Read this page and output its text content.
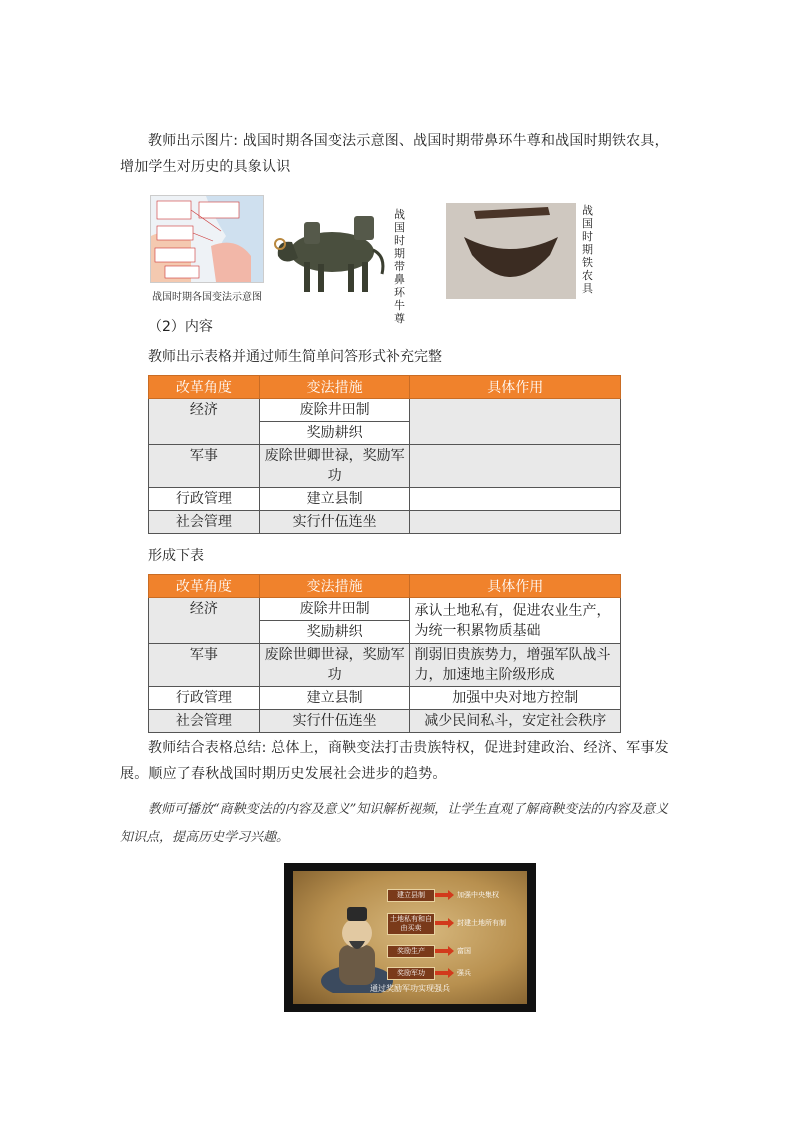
教师出示图片: 战国时期各国变法示意图、战国时期带鼻环牛尊和战国时期铁农具，增加学生对历史的具象认识
战国时期各国变法示意图
战国时期带鼻环牛尊
战国时期铁农具
（2）内容
教师出示表格并通过师生简单问答形式补充完整
改革角度	变法措施	具体作用
经济	废除井田制	
	奖励耕织	
军事	废除世卿世禄，奖励军功	
行政管理	建立县制	
社会管理	实行什伍连坐	
形成下表
改革角度	变法措施	具体作用
经济	废除井田制	承认土地私有，促进农业生产，为统一积累物质基础
	奖励耕织	
军事	废除世卿世禄，奖励军功	削弱旧贵族势力，增强军队战斗力，加速地主阶级形成
行政管理	建立县制	加强中央对地方控制
社会管理	实行什伍连坐	减少民间私斗，安定社会秩序
教师结合表格总结: 总体上，商鞅变法打击贵族特权，促进封建政治、经济、军事发展。顺应了春秋战国时期历史发展社会进步的趋势。
教师可播放“商鞅变法的内容及意义”知识解析视频，让学生直观了解商鞅变法的内容及意义知识点，提高历史学习兴趣。
建立县制	加强中央集权
土地私有和自由买卖
封建土地所有制
奖励生产	富国
奖励军功	强兵
通过奖励军功实现强兵
